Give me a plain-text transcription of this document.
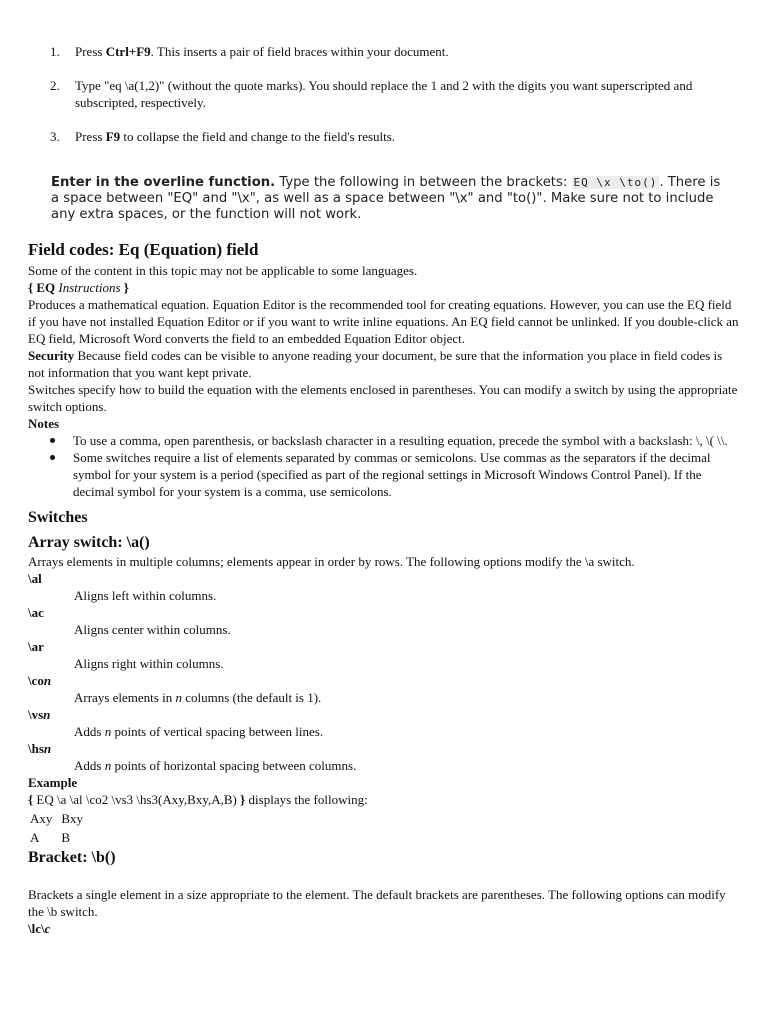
1. Press Ctrl+F9. This inserts a pair of field braces within your document.
2. Type "eq \a(1,2)" (without the quote marks). You should replace the 1 and 2 with the digits you want superscripted and subscripted, respectively.
3. Press F9 to collapse the field and change to the field's results.
Enter in the overline function. Type the following in between the brackets: EQ \x \to() . There is a space between "EQ" and "\x", as well as a space between "\x" and "to()". Make sure not to include any extra spaces, or the function will not work.
Field codes: Eq (Equation) field

Some of the content in this topic may not be applicable to some languages.

{ EQ Instructions }

Produces a mathematical equation. Equation Editor is the recommended tool for creating equations. However, you can use the EQ field if you have not installed Equation Editor or if you want to write inline equations. An EQ field cannot be unlinked. If you double-click an EQ field, Microsoft Word converts the field to an embedded Equation Editor object.

Security Because field codes can be visible to anyone reading your document, be sure that the information you place in field codes is not information that you want kept private.

Switches specify how to build the equation with the elements enclosed in parentheses. You can modify a switch by using the appropriate switch options.

Notes

To use a comma, open parenthesis, or backslash character in a resulting equation, precede the symbol with a backslash: \, \( \\.
Some switches require a list of elements separated by commas or semicolons. Use commas as the separators if the decimal symbol for your system is a period (specified as part of the regional settings in Microsoft Windows Control Panel). If the decimal symbol for your system is a comma, use semicolons.
Switches
Array switch: \a()

Arrays elements in multiple columns; elements appear in order by rows. The following options modify the \a switch.

\al
Aligns left within columns.
\ac
Aligns center within columns.
\ar
Aligns right within columns.
\con
Arrays elements in n columns (the default is 1).
\vsn
Adds n points of vertical spacing between lines.
\hsn
Adds n points of horizontal spacing between columns.

Example

{ EQ \a \al \co2 \vs3 \hs3(Axy,Bxy,A,B) } displays the following:

Axy	Bxy
A	B
Bracket: \b()

Brackets a single element in a size appropriate to the element. The default brackets are parentheses. The following options can modify the \b switch.

\lc\c
